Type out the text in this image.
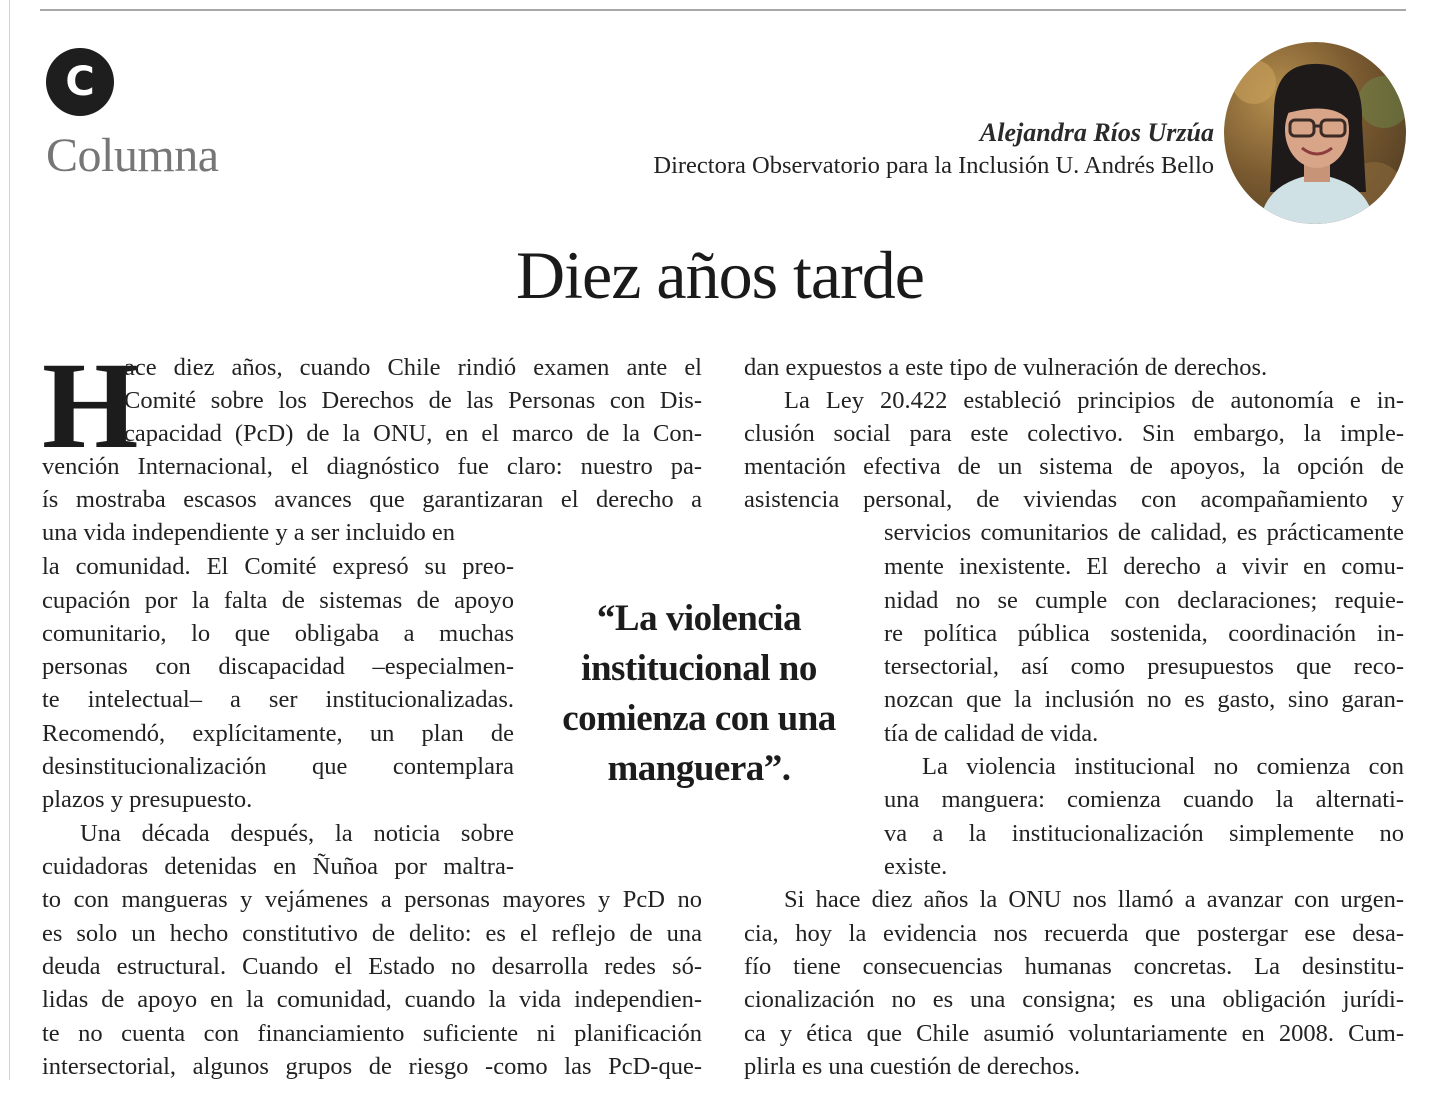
C
Columna	Alejandra Ríos Urzúa
Directora Observatorio para la Inclusión U. Andrés Bello
Diez años tarde
H
“La violencia
institucional no
comienza con una
manguera”.
ace diez años, cuando Chile rindió examen ante el
Comité sobre los Derechos de las Personas con Dis-
capacidad (PcD) de la ONU, en el marco de la Con-
vención Internacional, el diagnóstico fue claro: nuestro pa-
ís mostraba escasos avances que garantizaran el derecho a
una vida independiente y a ser incluido en
la comunidad. El Comité expresó su preo-
cupación por la falta de sistemas de apoyo
comunitario, lo que obligaba a muchas
personas con discapacidad –especialmen-
te intelectual– a ser institucionalizadas.
Recomendó, explícitamente, un plan de
desinstitucionalización que contemplara
plazos y presupuesto.
Una década después, la noticia sobre
cuidadoras detenidas en Ñuñoa por maltra-
to con mangueras y vejámenes a personas mayores y PcD no
es solo un hecho constitutivo de delito: es el reflejo de una
deuda estructural. Cuando el Estado no desarrolla redes só-
lidas de apoyo en la comunidad, cuando la vida independien-
te no cuenta con financiamiento suficiente ni planificación
intersectorial, algunos grupos de riesgo -como las PcD-que-
dan expuestos a este tipo de vulneración de derechos.
La Ley 20.422 estableció principios de autonomía e in-
clusión social para este colectivo. Sin embargo, la imple-
mentación efectiva de un sistema de apoyos, la opción de
asistencia personal, de viviendas con acompañamiento y
servicios comunitarios de calidad, es prácticamente
mente inexistente. El derecho a vivir en comu-
nidad no se cumple con declaraciones; requie-
re política pública sostenida, coordinación in-
tersectorial, así como presupuestos que reco-
nozcan que la inclusión no es gasto, sino garan-
tía de calidad de vida.
La violencia institucional no comienza con
una manguera: comienza cuando la alternati-
va a la institucionalización simplemente no
existe.
Si hace diez años la ONU nos llamó a avanzar con urgen-
cia, hoy la evidencia nos recuerda que postergar ese desa-
fío tiene consecuencias humanas concretas. La desinstitu-
cionalización no es una consigna; es una obligación jurídi-
ca y ética que Chile asumió voluntariamente en 2008. Cum-
plirla es una cuestión de derechos.
